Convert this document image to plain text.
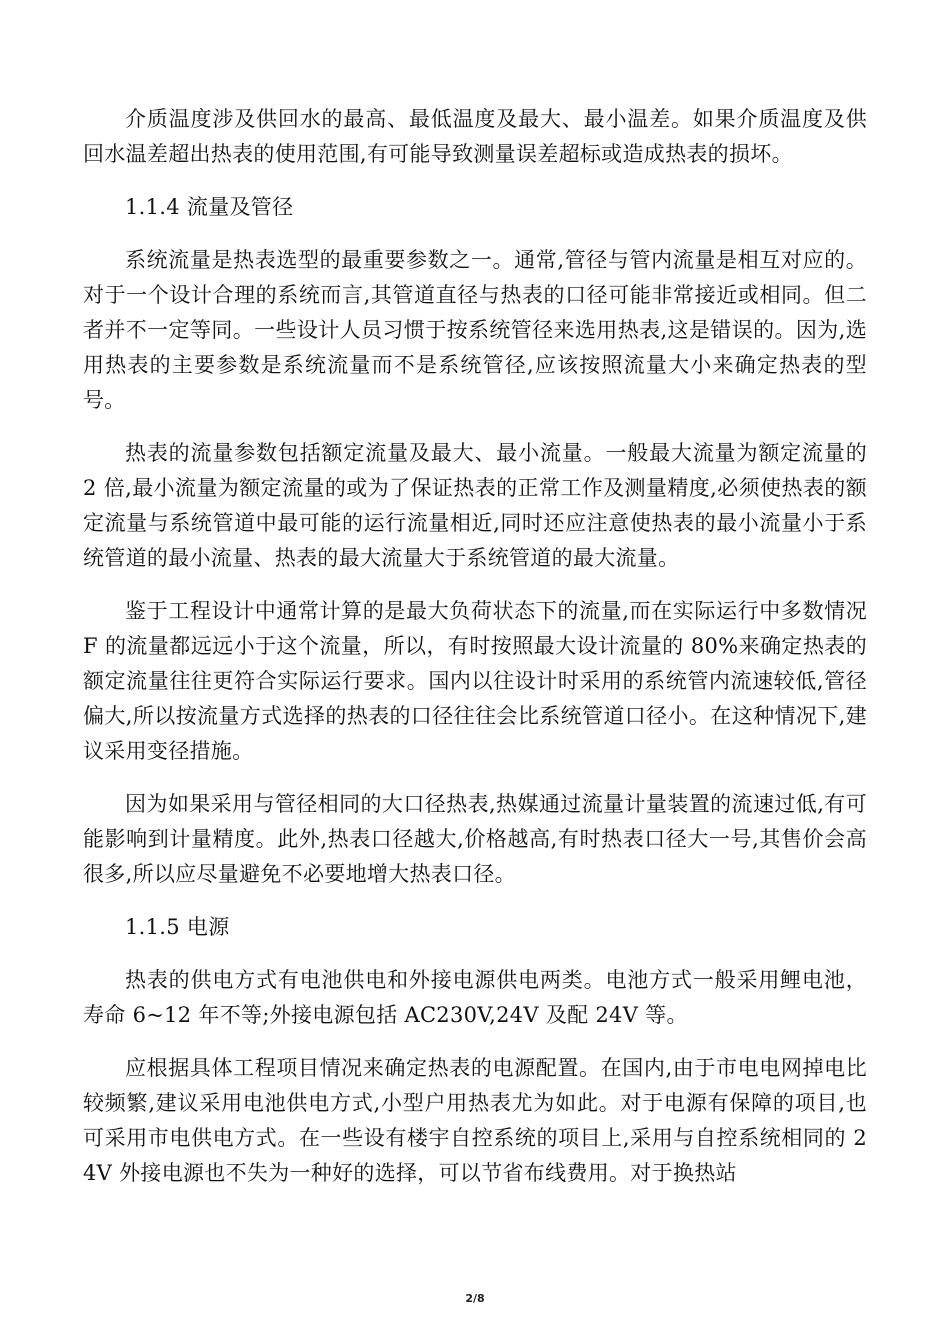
介质温度涉及供回水的最高、最低温度及最大、最小温差。如果介质温度及供回水温差超出热表的使用范围,有可能导致测量误差超标或造成热表的损坏。

1.1.4 流量及管径

系统流量是热表选型的最重要参数之一。通常,管径与管内流量是相互对应的。对于一个设计合理的系统而言,其管道直径与热表的口径可能非常接近或相同。但二者并不一定等同。一些设计人员习惯于按系统管径来选用热表,这是错误的。因为,选用热表的主要参数是系统流量而不是系统管径,应该按照流量大小来确定热表的型号。

热表的流量参数包括额定流量及最大、最小流量。一般最大流量为额定流量的 2 倍,最小流量为额定流量的或为了保证热表的正常工作及测量精度,必须使热表的额定流量与系统管道中最可能的运行流量相近,同时还应注意使热表的最小流量小于系统管道的最小流量、热表的最大流量大于系统管道的最大流量。

鉴于工程设计中通常计算的是最大负荷状态下的流量,而在实际运行中多数情况 F 的流量都远远小于这个流量，所以，有时按照最大设计流量的 80%来确定热表的额定流量往往更符合实际运行要求。国内以往设计时采用的系统管内流速较低,管径偏大,所以按流量方式选择的热表的口径往往会比系统管道口径小。在这种情况下,建议采用变径措施。

因为如果采用与管径相同的大口径热表,热媒通过流量计量装置的流速过低,有可能影响到计量精度。此外,热表口径越大,价格越高,有时热表口径大一号,其售价会高很多,所以应尽量避免不必要地增大热表口径。

1.1.5 电源

热表的供电方式有电池供电和外接电源供电两类。电池方式一般采用鲤电池，寿命 6~12 年不等;外接电源包括 AC230V,24V 及配 24V 等。

应根据具体工程项目情况来确定热表的电源配置。在国内,由于市电电网掉电比较频繁,建议采用电池供电方式,小型户用热表尤为如此。对于电源有保障的项目,也可采用市电供电方式。在一些设有楼宇自控系统的项目上,采用与自控系统相同的 24V 外接电源也不失为一种好的选择，可以节省布线费用。对于换热站

2/8
